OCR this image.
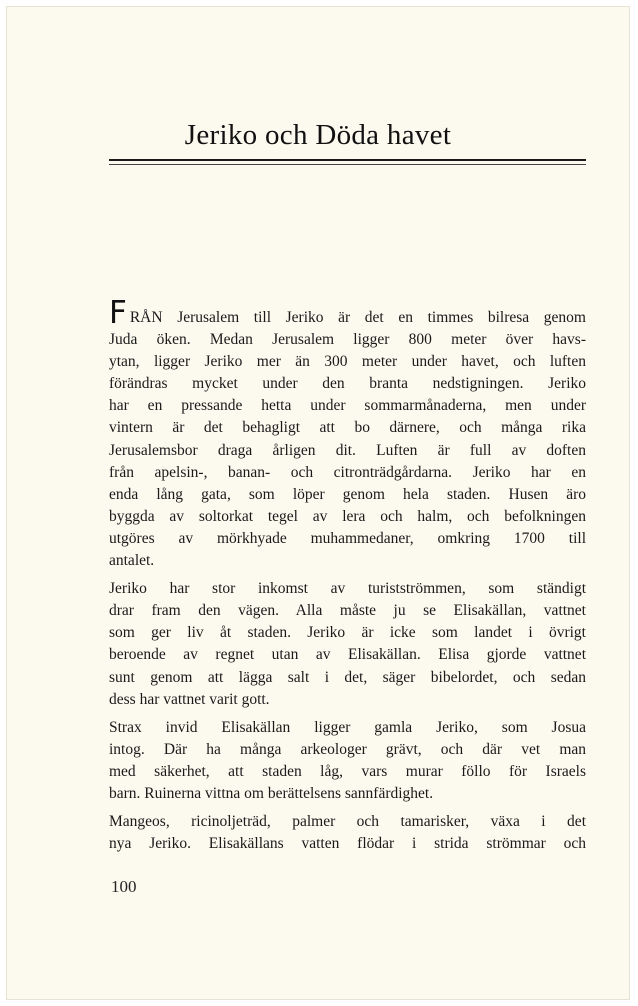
Jeriko och Döda havet
FRÅN Jerusalem till Jeriko är det en timmes bilresa genom
Juda öken. Medan Jerusalem ligger 800 meter över havs-
ytan, ligger Jeriko mer än 300 meter under havet, och luften
förändras mycket under den branta nedstigningen. Jeriko
har en pressande hetta under sommarmånaderna, men under
vintern är det behagligt att bo därnere, och många rika
Jerusalemsbor draga årligen dit. Luften är full av doften
från apelsin-, banan- och citronträdgårdarna. Jeriko har en
enda lång gata, som löper genom hela staden. Husen äro
byggda av soltorkat tegel av lera och halm, och befolkningen
utgöres av mörkhyade muhammedaner, omkring 1700 till
antalet.
Jeriko har stor inkomst av turistströmmen, som ständigt
drar fram den vägen. Alla måste ju se Elisakällan, vattnet
som ger liv åt staden. Jeriko är icke som landet i övrigt
beroende av regnet utan av Elisakällan. Elisa gjorde vattnet
sunt genom att lägga salt i det, säger bibelordet, och sedan
dess har vattnet varit gott.
Strax invid Elisakällan ligger gamla Jeriko, som Josua
intog. Där ha många arkeologer grävt, och där vet man
med säkerhet, att staden låg, vars murar föllo för Israels
barn. Ruinerna vittna om berättelsens sannfärdighet.
Mangeos, ricinoljeträd, palmer och tamarisker, växa i det
nya Jeriko. Elisakällans vatten flödar i strida strömmar och
100
